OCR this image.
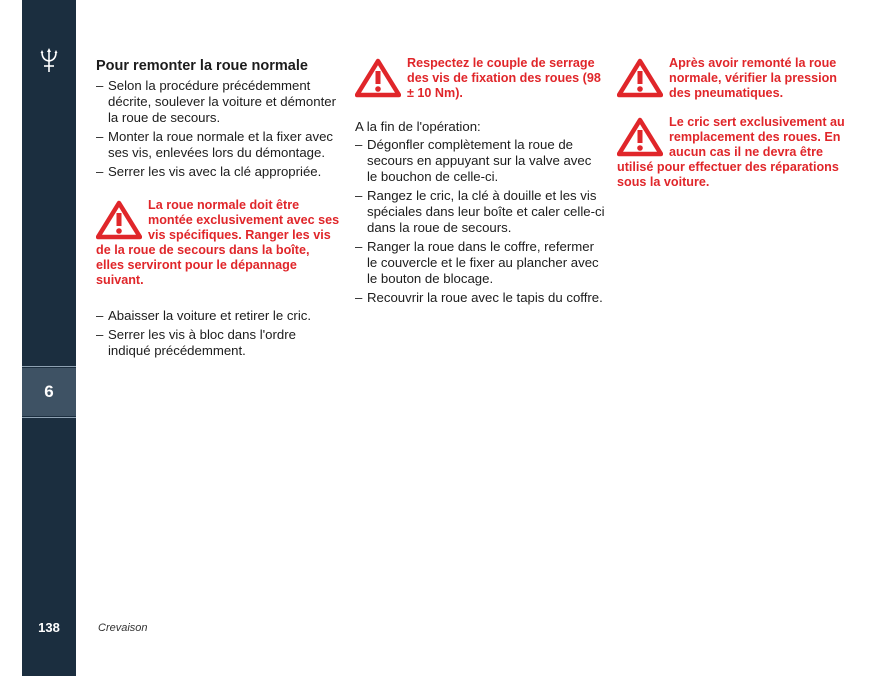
6
138	Crevaison
Pour remonter la roue normale
– Selon la procédure précédemment décrite, soulever la voiture et démonter la roue de secours.
– Monter la roue normale et la fixer avec ses vis, enlevées lors du démontage.
– Serrer les vis avec la clé appropriée.
La roue normale doit être montée exclusivement avec ses vis spécifiques. Ranger les vis de la roue de secours dans la boîte, elles serviront pour le dépannage suivant.
– Abaisser la voiture et retirer le cric.
– Serrer les vis à bloc dans l'ordre indiqué précédemment.
Respectez le couple de serrage des vis de fixation des roues (98 ± 10 Nm).

A la fin de l'opération:

– Dégonfler complètement la roue de secours en appuyant sur la valve avec le bouchon de celle-ci.
– Rangez le cric, la clé à douille et les vis spéciales dans leur boîte et caler celle-ci dans la roue de secours.
– Ranger la roue dans le coffre, refermer le couvercle et le fixer au plancher avec le bouton de blocage.
– Recouvrir la roue avec le tapis du coffre.
Après avoir remonté la roue normale, vérifier la pression des pneumatiques.
Le cric sert exclusivement au remplacement des roues. En aucun cas il ne devra être utilisé pour effectuer des réparations sous la voiture.
